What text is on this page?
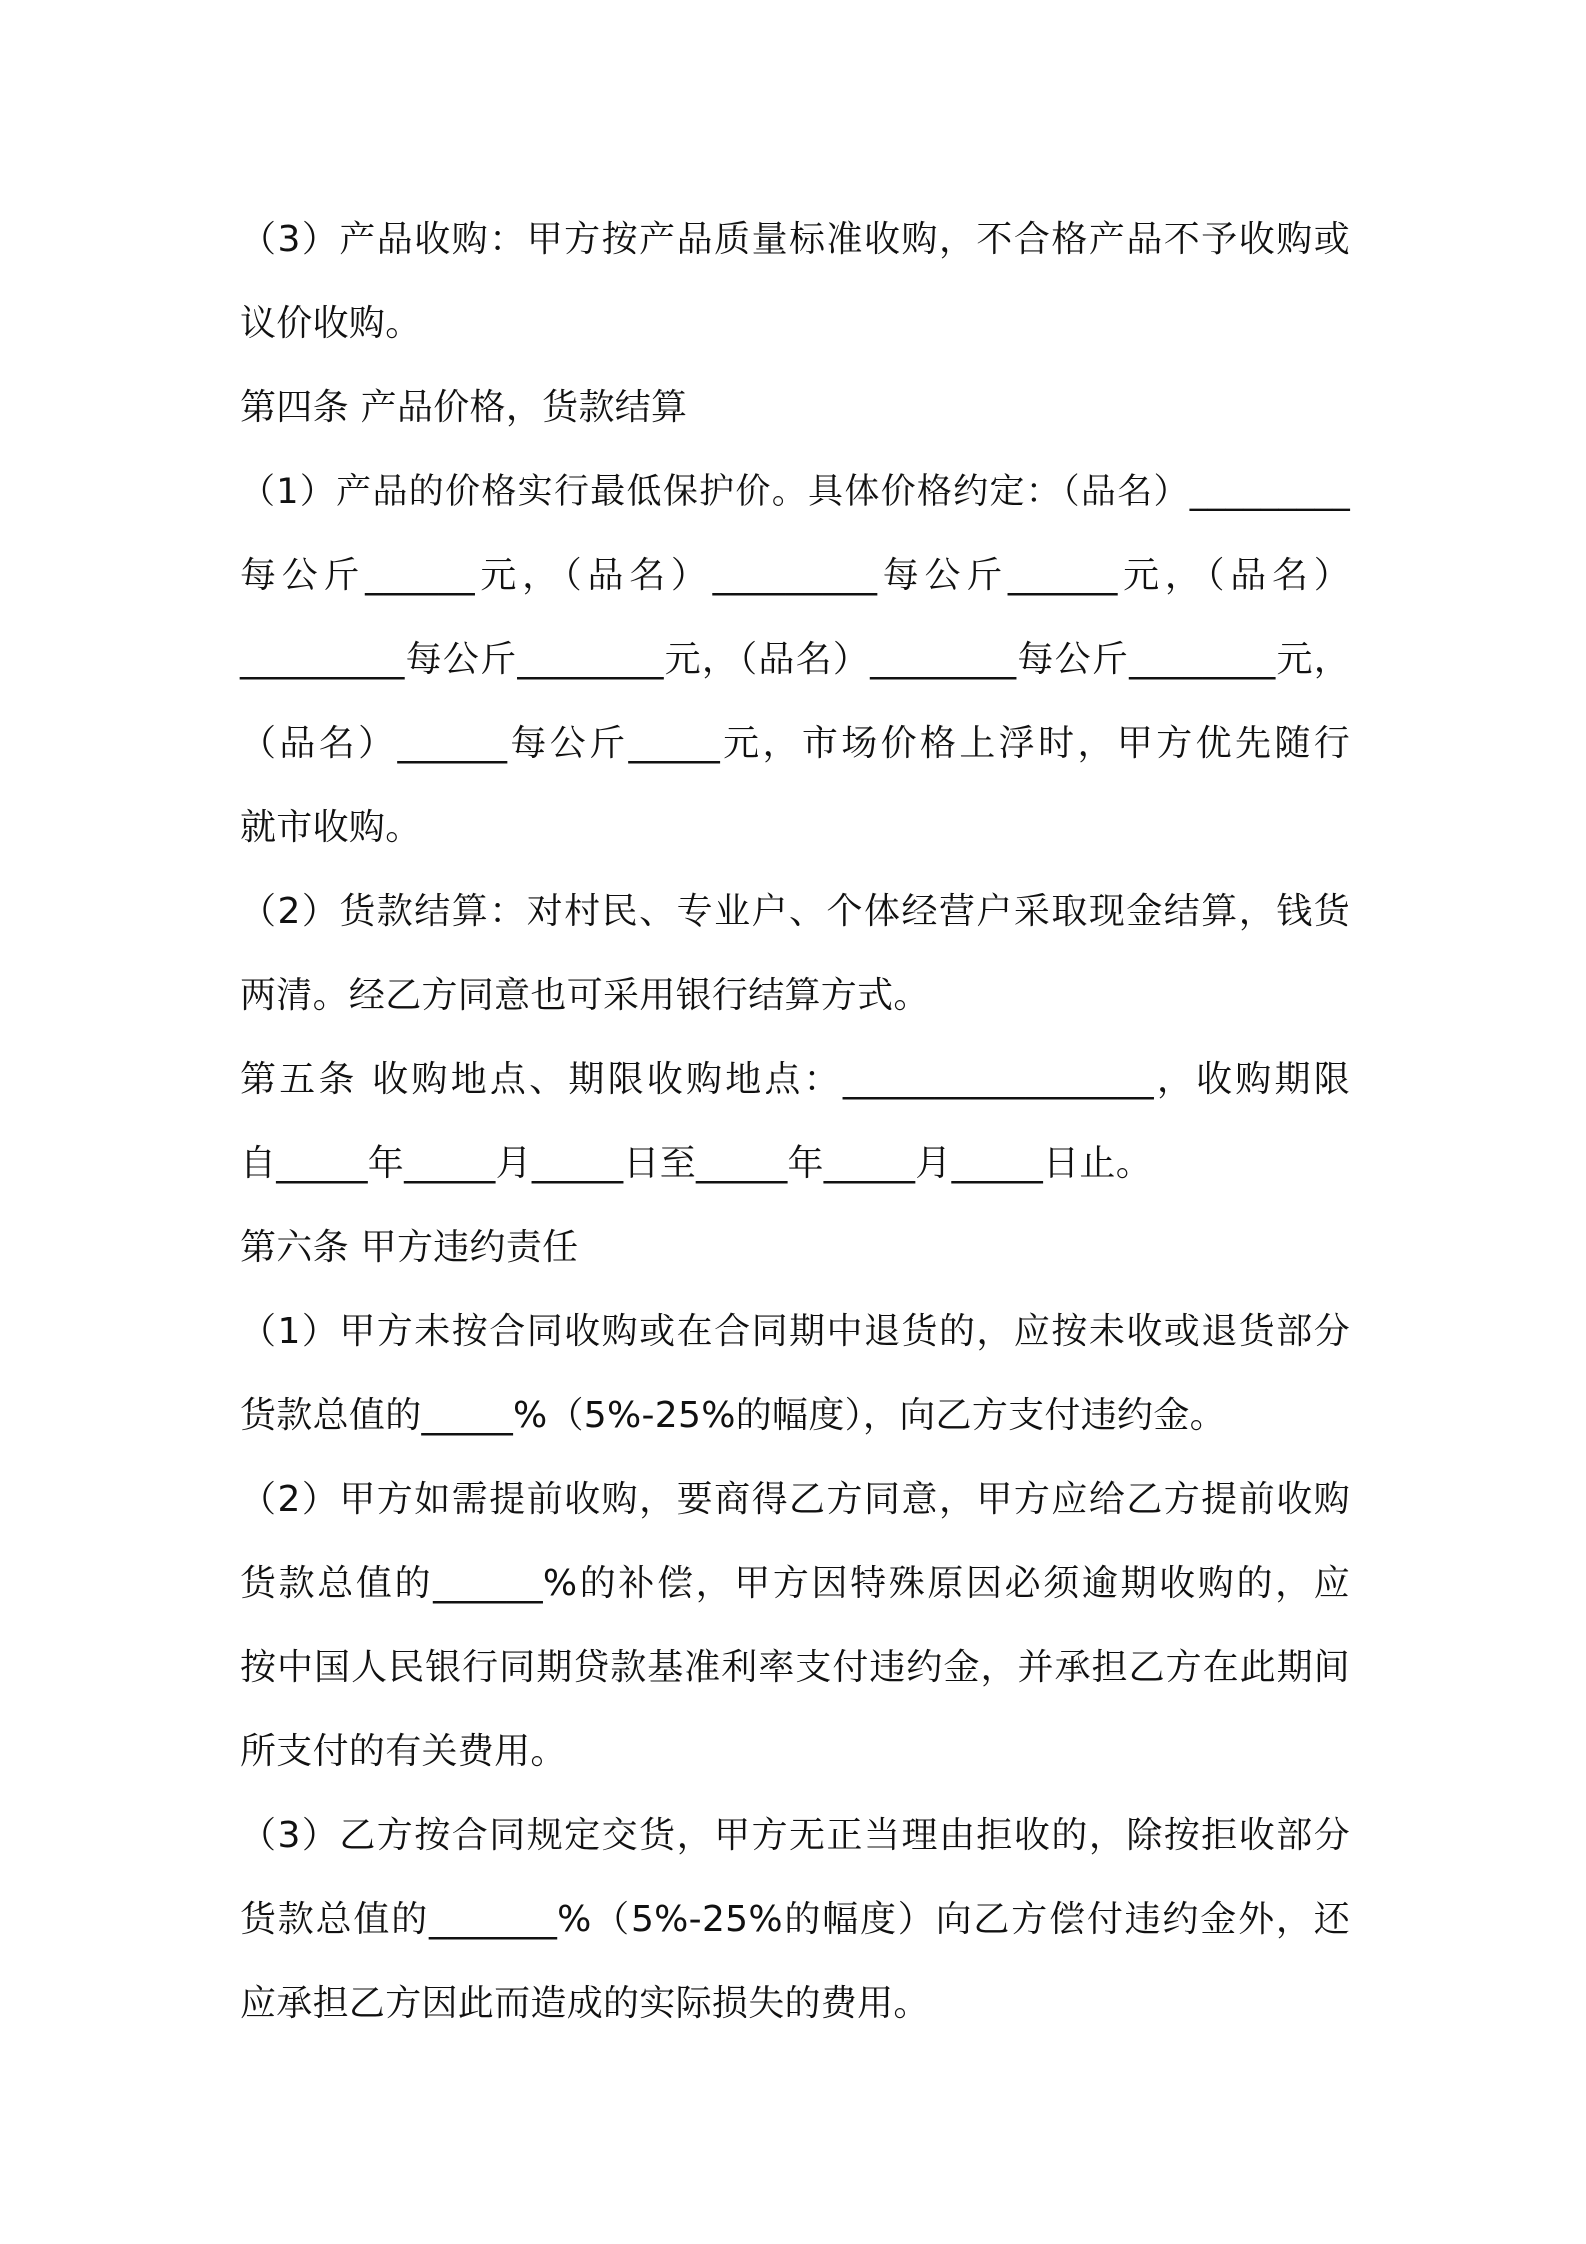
（3）产品收购：甲方按产品质量标准收购，不合格产品不予收购或
议价收购。
第四条 产品价格，货款结算
（1）产品的价格实行最低保护价。具体价格约定：（品名）_________
每公斤______元，（品名）_________每公斤______元，（品名）
_________每公斤________元，（品名）________每公斤________元，
（品名）______每公斤_____元，市场价格上浮时，甲方优先随行
就市收购。
（2）货款结算：对村民、专业户、个体经营户采取现金结算，钱货
两清。经乙方同意也可采用银行结算方式。
第五条 收购地点、期限收购地点：_________________，收购期限
自_____年_____月_____日至_____年_____月_____日止。
第六条 甲方违约责任
（1）甲方未按合同收购或在合同期中退货的，应按未收或退货部分
货款总值的_____%（5%-25%的幅度），向乙方支付违约金。
（2）甲方如需提前收购，要商得乙方同意，甲方应给乙方提前收购
货款总值的______%的补偿，甲方因特殊原因必须逾期收购的，应
按中国人民银行同期贷款基准利率支付违约金，并承担乙方在此期间
所支付的有关费用。
（3）乙方按合同规定交货，甲方无正当理由拒收的，除按拒收部分
货款总值的_______%（5%-25%的幅度）向乙方偿付违约金外，还
应承担乙方因此而造成的实际损失的费用。
